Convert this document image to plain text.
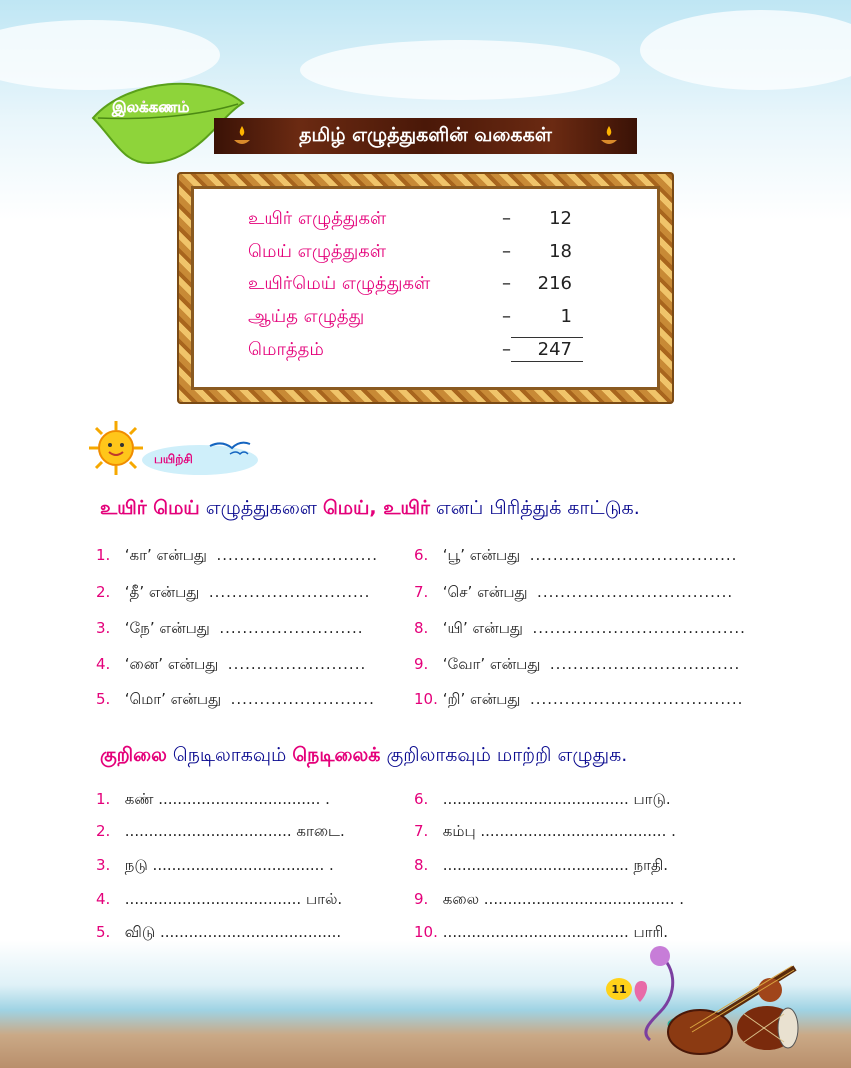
இலக்கணம்
தமிழ் எழுத்துகளின் வகைகள்
உயிர் எழுத்துகள்	–	12
மெய் எழுத்துகள்	–	18
உயிர்மெய் எழுத்துகள்	–	216
ஆய்த எழுத்து	–	1
மொத்தம்	–	247
பயிற்சி
உயிர் மெய் எழுத்துகளை மெய், உயிர் எனப் பிரித்துக் காட்டுக.
1. ‘கா’ என்பது ............................
2. ‘தீ’ என்பது ............................
3. ‘நே’ என்பது .........................
4. ‘னை’ என்பது ........................
5. ‘மொ’ என்பது .........................
6. ‘பூ’ என்பது ....................................
7. ‘செ’ என்பது ..................................
8. ‘யி’ என்பது .....................................
9. ‘வோ’ என்பது .................................
10. ‘றி’ என்பது .....................................
குறிலை நெடிலாகவும் நெடிலைக் குறிலாகவும் மாற்றி எழுதுக.
1. கண் .................................. .
2. ................................... காடை.
3. நடு .................................... .
4. ..................................... பால்.
5. விடு ......................................
6. ....................................... பாடு.
7. கம்பு ....................................... .
8. ....................................... நாதி.
9. கலை ........................................ .
10. ....................................... பாரி.
11
